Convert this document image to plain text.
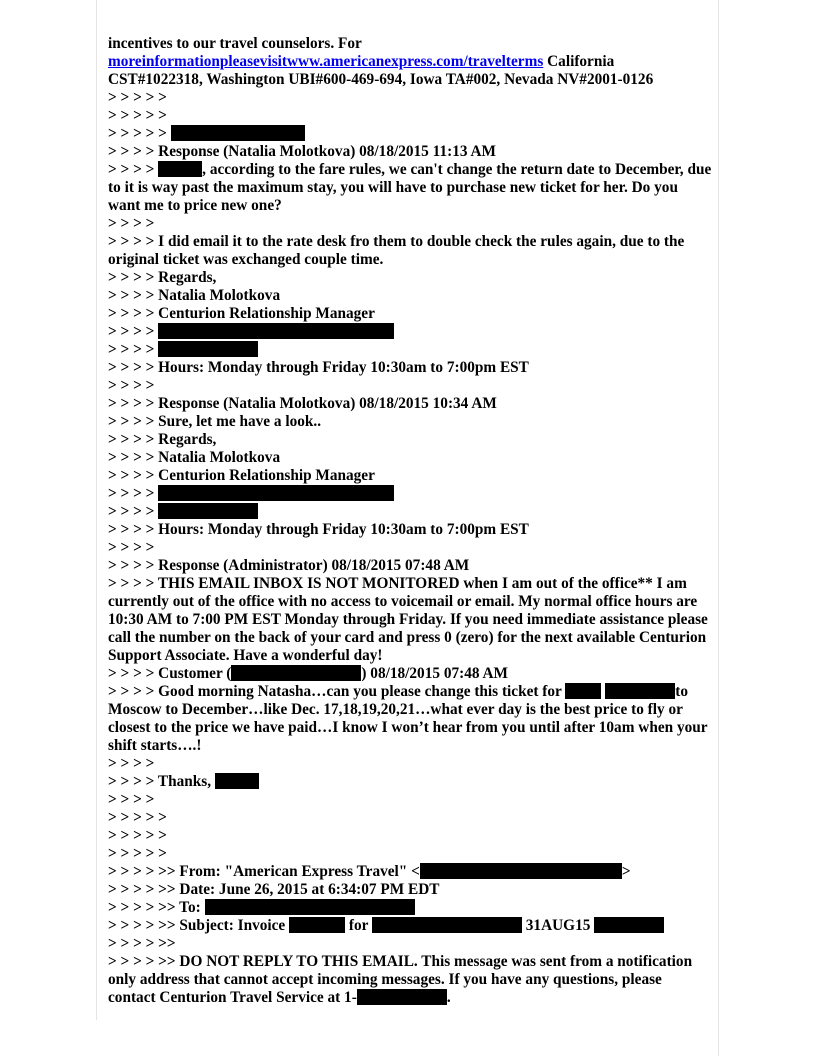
incentives to our travel counselors. For
moreinformationpleasevisitwww.americanexpress.com/travelterms California
CST#1022318, Washington UBI#600-469-694, Iowa TA#002, Nevada NV#2001-0126
> > > > >
> > > > >
> > > > >
> > > > Response (Natalia Molotkova) 08/18/2015 11:13 AM
> > > >	, according to the fare rules, we can't change the return date to December, due to it is way past the maximum stay, you will have to purchase new ticket for her. Do you want me to price new one?
> > > >
> > > > I did email it to the rate desk fro them to double check the rules again, due to the original ticket was exchanged couple time.
> > > > Regards,
> > > > Natalia Molotkova
> > > > Centurion Relationship Manager
> > > >
> > > >
> > > > Hours: Monday through Friday 10:30am to 7:00pm EST
> > > >
> > > > Response (Natalia Molotkova) 08/18/2015 10:34 AM
> > > > Sure, let me have a look..
> > > > Regards,
> > > > Natalia Molotkova
> > > > Centurion Relationship Manager
> > > >
> > > >
> > > > Hours: Monday through Friday 10:30am to 7:00pm EST
> > > >
> > > > Response (Administrator) 08/18/2015 07:48 AM
> > > > THIS EMAIL INBOX IS NOT MONITORED when I am out of the office** I am currently out of the office with no access to voicemail or email. My normal office hours are 10:30 AM to 7:00 PM EST Monday through Friday. If you need immediate assistance please call the number on the back of your card and press 0 (zero) for the next available Centurion Support Associate. Have a wonderful day!
> > > > Customer (	) 08/18/2015 07:48 AM
> > > > Good morning Natasha…can you please change this ticket for	to Moscow to December…like Dec. 17,18,19,20,21…what ever day is the best price to fly or closest to the price we have paid…I know I won’t hear from you until after 10am when your shift starts….!
> > > >
> > > > Thanks,
> > > >
> > > > >
> > > > >
> > > > >
> > > > >> From: "American Express Travel" <	>
> > > > >> Date: June 26, 2015 at 6:34:07 PM EDT
> > > > >> To:
> > > > >> Subject: Invoice	for	31AUG15
> > > > >>
> > > > >> DO NOT REPLY TO THIS EMAIL. This message was sent from a notification only address that cannot accept incoming messages. If you have any questions, please contact Centurion Travel Service at 1-	.
